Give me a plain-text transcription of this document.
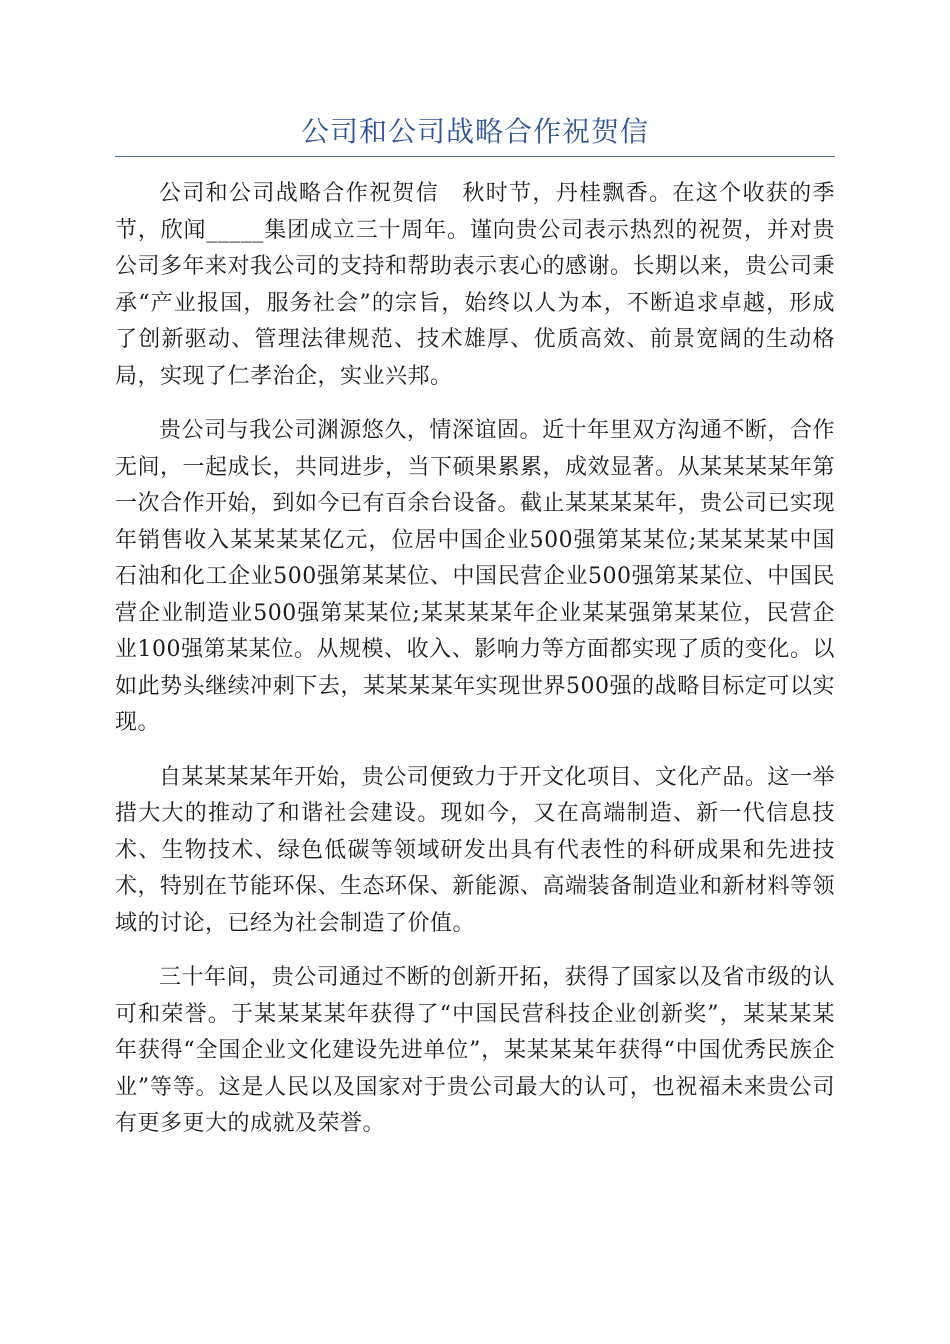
公司和公司战略合作祝贺信

公司和公司战略合作祝贺信　秋时节，丹桂飘香。在这个收获的季节，欣闻_____集团成立三十周年。谨向贵公司表示热烈的祝贺，并对贵公司多年来对我公司的支持和帮助表示衷心的感谢。长期以来，贵公司秉承“产业报国，服务社会”的宗旨，始终以人为本，不断追求卓越，形成了创新驱动、管理法律规范、技术雄厚、优质高效、前景宽阔的生动格局，实现了仁孝治企，实业兴邦。

贵公司与我公司渊源悠久，情深谊固。近十年里双方沟通不断，合作无间，一起成长，共同进步，当下硕果累累，成效显著。从某某某某年第一次合作开始，到如今已有百余台设备。截止某某某某年，贵公司已实现年销售收入某某某某亿元，位居中国企业500强第某某位;某某某某中国石油和化工企业500强第某某位、中国民营企业500强第某某位、中国民营企业制造业500强第某某位;某某某某年企业某某强第某某位，民营企业100强第某某位。从规模、收入、影响力等方面都实现了质的变化。以如此势头继续冲刺下去，某某某某年实现世界500强的战略目标定可以实现。

自某某某某年开始，贵公司便致力于开文化项目、文化产品。这一举措大大的推动了和谐社会建设。现如今，又在高端制造、新一代信息技术、生物技术、绿色低碳等领域研发出具有代表性的科研成果和先进技术，特别在节能环保、生态环保、新能源、高端装备制造业和新材料等领域的讨论，已经为社会制造了价值。

三十年间，贵公司通过不断的创新开拓，获得了国家以及省市级的认可和荣誉。于某某某某年获得了“中国民营科技企业创新奖”，某某某某年获得“全国企业文化建设先进单位”，某某某某年获得“中国优秀民族企业”等等。这是人民以及国家对于贵公司最大的认可，也祝福未来贵公司有更多更大的成就及荣誉。
